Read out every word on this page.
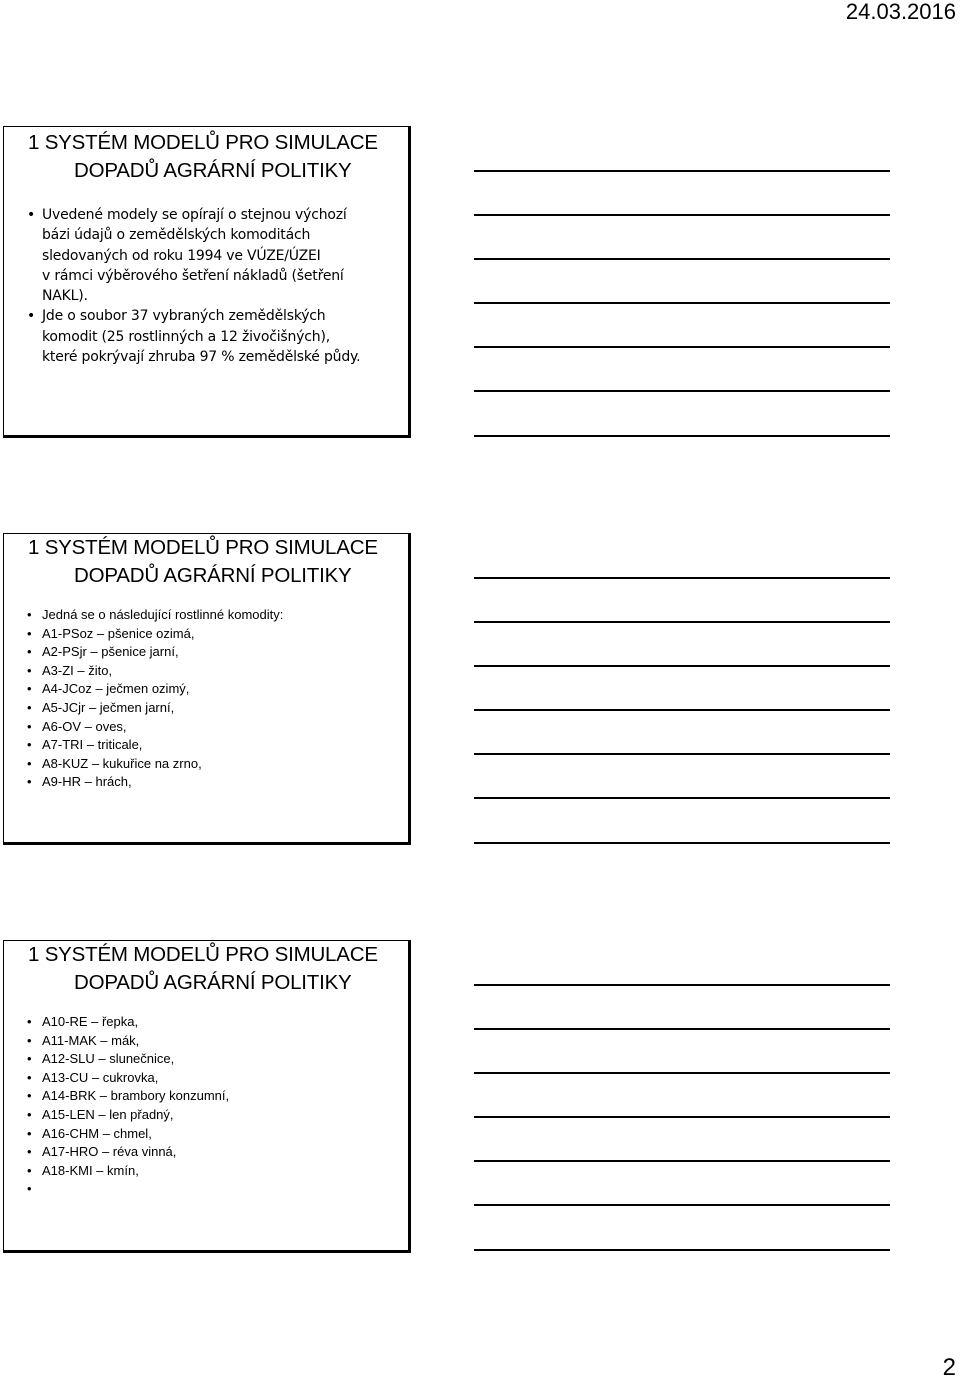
24.03.2016
1 SYSTÉM MODELŮ PRO SIMULACE
DOPADŮ AGRÁRNÍ POLITIKY
• Uvedené modely se opírají o stejnou výchozí
bázi údajů o zemědělských komoditách
sledovaných od roku 1994 ve VÚZE/ÚZEI
v rámci výběrového šetření nákladů (šetření
NAKL).
• Jde o soubor 37 vybraných zemědělských
komodit (25 rostlinných a 12 živočišných),
které pokrývají zhruba 97 % zemědělské půdy.
1 SYSTÉM MODELŮ PRO SIMULACE
DOPADŮ AGRÁRNÍ POLITIKY
• Jedná se o následující rostlinné komodity:
• A1-PSoz – pšenice ozimá,
• A2-PSjr – pšenice jarní,
• A3-ZI – žito,
• A4-JCoz – ječmen ozimý,
• A5-JCjr – ječmen jarní,
• A6-OV – oves,
• A7-TRI – triticale,
• A8-KUZ – kukuřice na zrno,
• A9-HR – hrách,
1 SYSTÉM MODELŮ PRO SIMULACE
DOPADŮ AGRÁRNÍ POLITIKY
• A10-RE – řepka,
• A11-MAK – mák,
• A12-SLU – slunečnice,
• A13-CU – cukrovka,
• A14-BRK – brambory konzumní,
• A15-LEN – len přadný,
• A16-CHM – chmel,
• A17-HRO – réva vinná,
• A18-KMI – kmín,
•
2
